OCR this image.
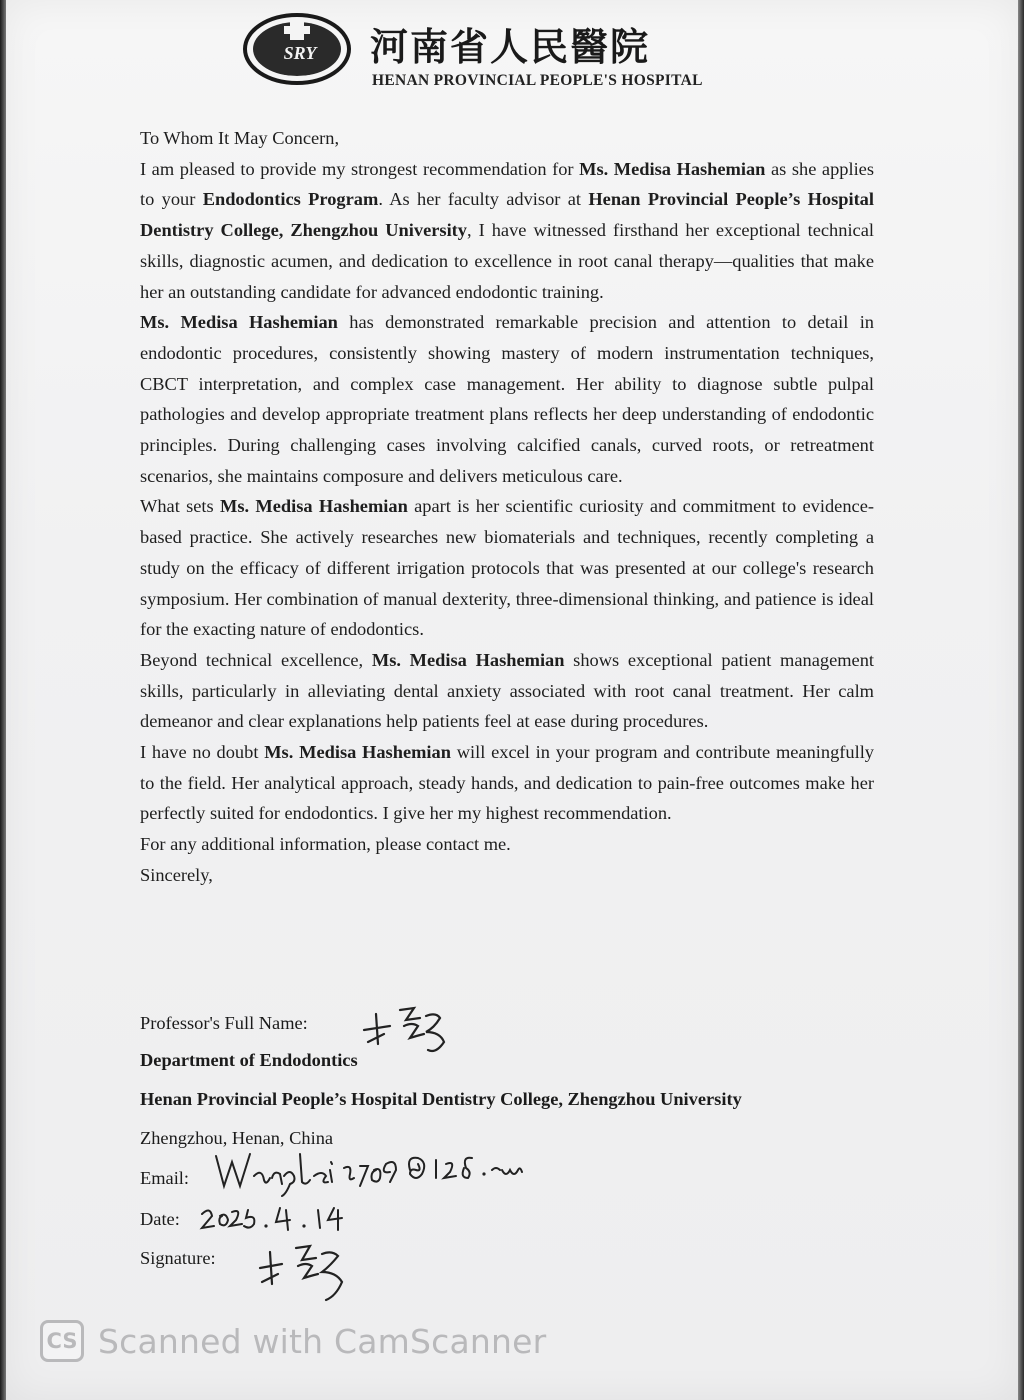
SRY 河南省人民醫院
HENAN PROVINCIAL PEOPLE'S HOSPITAL

To Whom It May Concern,

I am pleased to provide my strongest recommendation for Ms. Medisa Hashemian as she applies to your Endodontics Program. As her faculty advisor at Henan Provincial People’s Hospital Dentistry College, Zhengzhou University, I have witnessed firsthand her exceptional technical skills, diagnostic acumen, and dedication to excellence in root canal therapy—qualities that make her an outstanding candidate for advanced endodontic training.

Ms. Medisa Hashemian has demonstrated remarkable precision and attention to detail in endodontic procedures, consistently showing mastery of modern instrumentation techniques, CBCT interpretation, and complex case management. Her ability to diagnose subtle pulpal pathologies and develop appropriate treatment plans reflects her deep understanding of endodontic principles. During challenging cases involving calcified canals, curved roots, or retreatment scenarios, she maintains composure and delivers meticulous care.

What sets Ms. Medisa Hashemian apart is her scientific curiosity and commitment to evidence-based practice. She actively researches new biomaterials and techniques, recently completing a study on the efficacy of different irrigation protocols that was presented at our college's research symposium. Her combination of manual dexterity, three-dimensional thinking, and patience is ideal for the exacting nature of endodontics.

Beyond technical excellence, Ms. Medisa Hashemian shows exceptional patient management skills, particularly in alleviating dental anxiety associated with root canal treatment. Her calm demeanor and clear explanations help patients feel at ease during procedures.

I have no doubt Ms. Medisa Hashemian will excel in your program and contribute meaningfully to the field. Her analytical approach, steady hands, and dedication to pain-free outcomes make her perfectly suited for endodontics. I give her my highest recommendation.

For any additional information, please contact me.

Sincerely,

Professor's Full Name:
Department of Endodontics
Henan Provincial People’s Hospital Dentistry College, Zhengzhou University
Zhengzhou, Henan, China
Email:
Date:
Signature:
CS Scanned with CamScanner
